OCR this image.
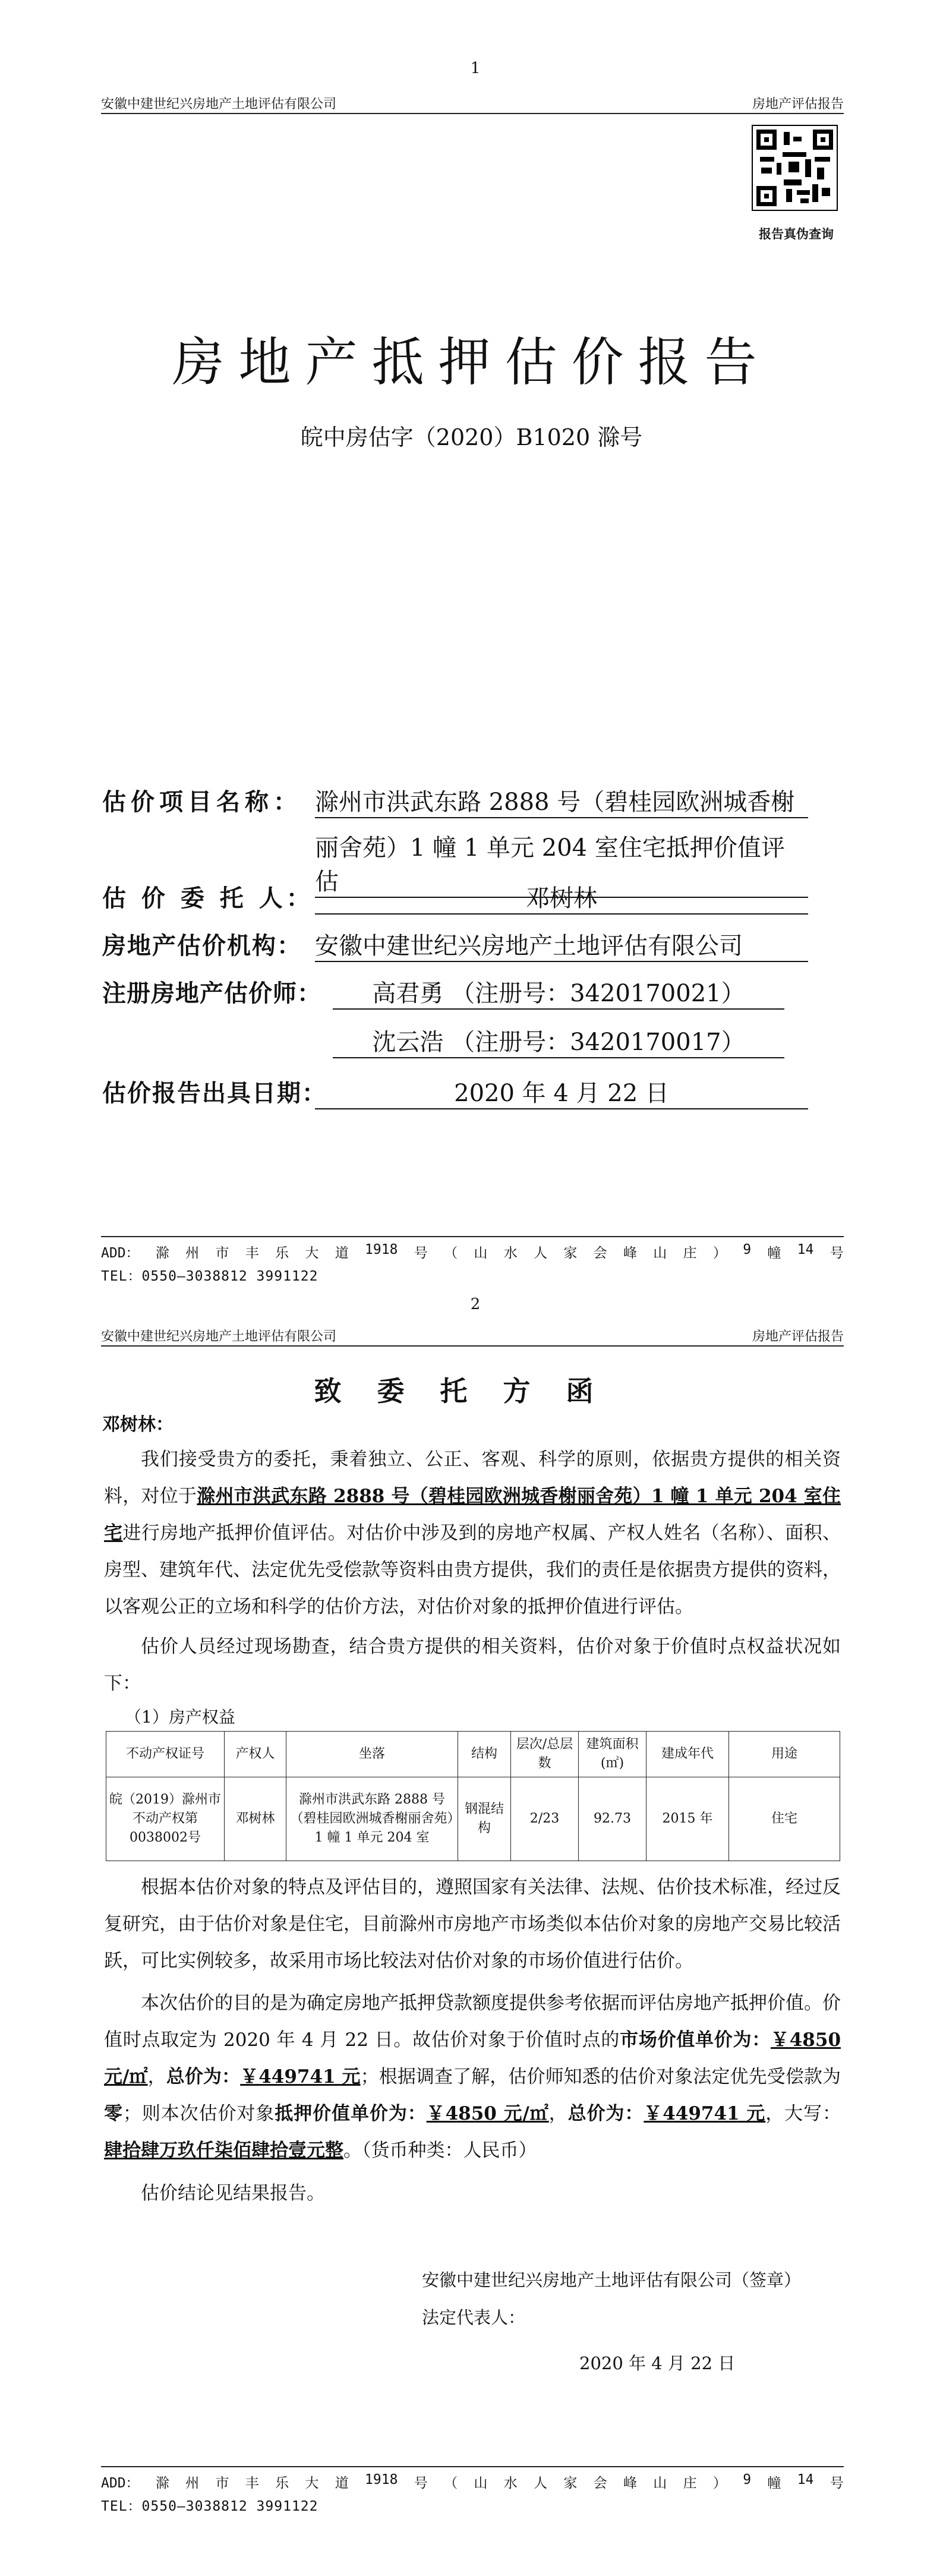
1
安徽中建世纪兴房地产土地评估有限公司	房地产评估报告
报告真伪查询
房地产抵押估价报告
皖中房估字（2020）B1020 滁号
估价项目名称： 滁州市洪武东路 2888 号（碧桂园欧洲城香榭
丽舍苑）1 幢 1 单元 204 室住宅抵押价值评估
估 价 委 托 人：	邓树林
房地产估价机构： 安徽中建世纪兴房地产土地评估有限公司
注册房地产估价师：	高君勇 （注册号：3420170021）
沈云浩 （注册号：3420170017）
估价报告出具日期：	2020 年 4 月 22 日
ADD： 滁 州 市 丰 乐 大 道 1918 号 （ 山 水 人 家 会 峰 山 庄 ） 9 幢 14 号
TEL：0550—3038812 3991122
2
安徽中建世纪兴房地产土地评估有限公司	房地产评估报告
致委托方函
邓树林：
我们接受贵方的委托，秉着独立、公正、客观、科学的原则，依据贵方提供的相关资料，对位于滁州市洪武东路 2888 号（碧桂园欧洲城香榭丽舍苑）1 幢 1 单元 204 室住宅进行房地产抵押价值评估。对估价中涉及到的房地产权属、产权人姓名（名称）、面积、房型、建筑年代、法定优先受偿款等资料由贵方提供，我们的责任是依据贵方提供的资料，以客观公正的立场和科学的估价方法，对估价对象的抵押价值进行评估。
估价人员经过现场勘查，结合贵方提供的相关资料，估价对象于价值时点权益状况如下：
（1）房产权益
不动产权证号	产权人	坐落	结构	层次/总层数	建筑面积(㎡)	建成年代	用途
皖（2019）滁州市不动产权第0038002号	邓树林	滁州市洪武东路 2888 号（碧桂园欧洲城香榭丽舍苑）1 幢 1 单元 204 室	钢混结构	2/23	92.73	2015 年	住宅
根据本估价对象的特点及评估目的，遵照国家有关法律、法规、估价技术标准，经过反复研究，由于估价对象是住宅，目前滁州市房地产市场类似本估价对象的房地产交易比较活跃，可比实例较多，故采用市场比较法对估价对象的市场价值进行估价。
本次估价的目的是为确定房地产抵押贷款额度提供参考依据而评估房地产抵押价值。价值时点取定为 2020 年 4 月 22 日。故估价对象于价值时点的市场价值单价为：￥4850 元/㎡，总价为：￥449741 元；根据调查了解，估价师知悉的估价对象法定优先受偿款为零；则本次估价对象抵押价值单价为：￥4850 元/㎡，总价为：￥449741 元，大写：肆拾肆万玖仟柒佰肆拾壹元整。（货币种类：人民币）
估价结论见结果报告。
安徽中建世纪兴房地产土地评估有限公司（签章）
法定代表人：
2020 年 4 月 22 日
ADD： 滁 州 市 丰 乐 大 道 1918 号 （ 山 水 人 家 会 峰 山 庄 ） 9 幢 14 号
TEL：0550—3038812 3991122
